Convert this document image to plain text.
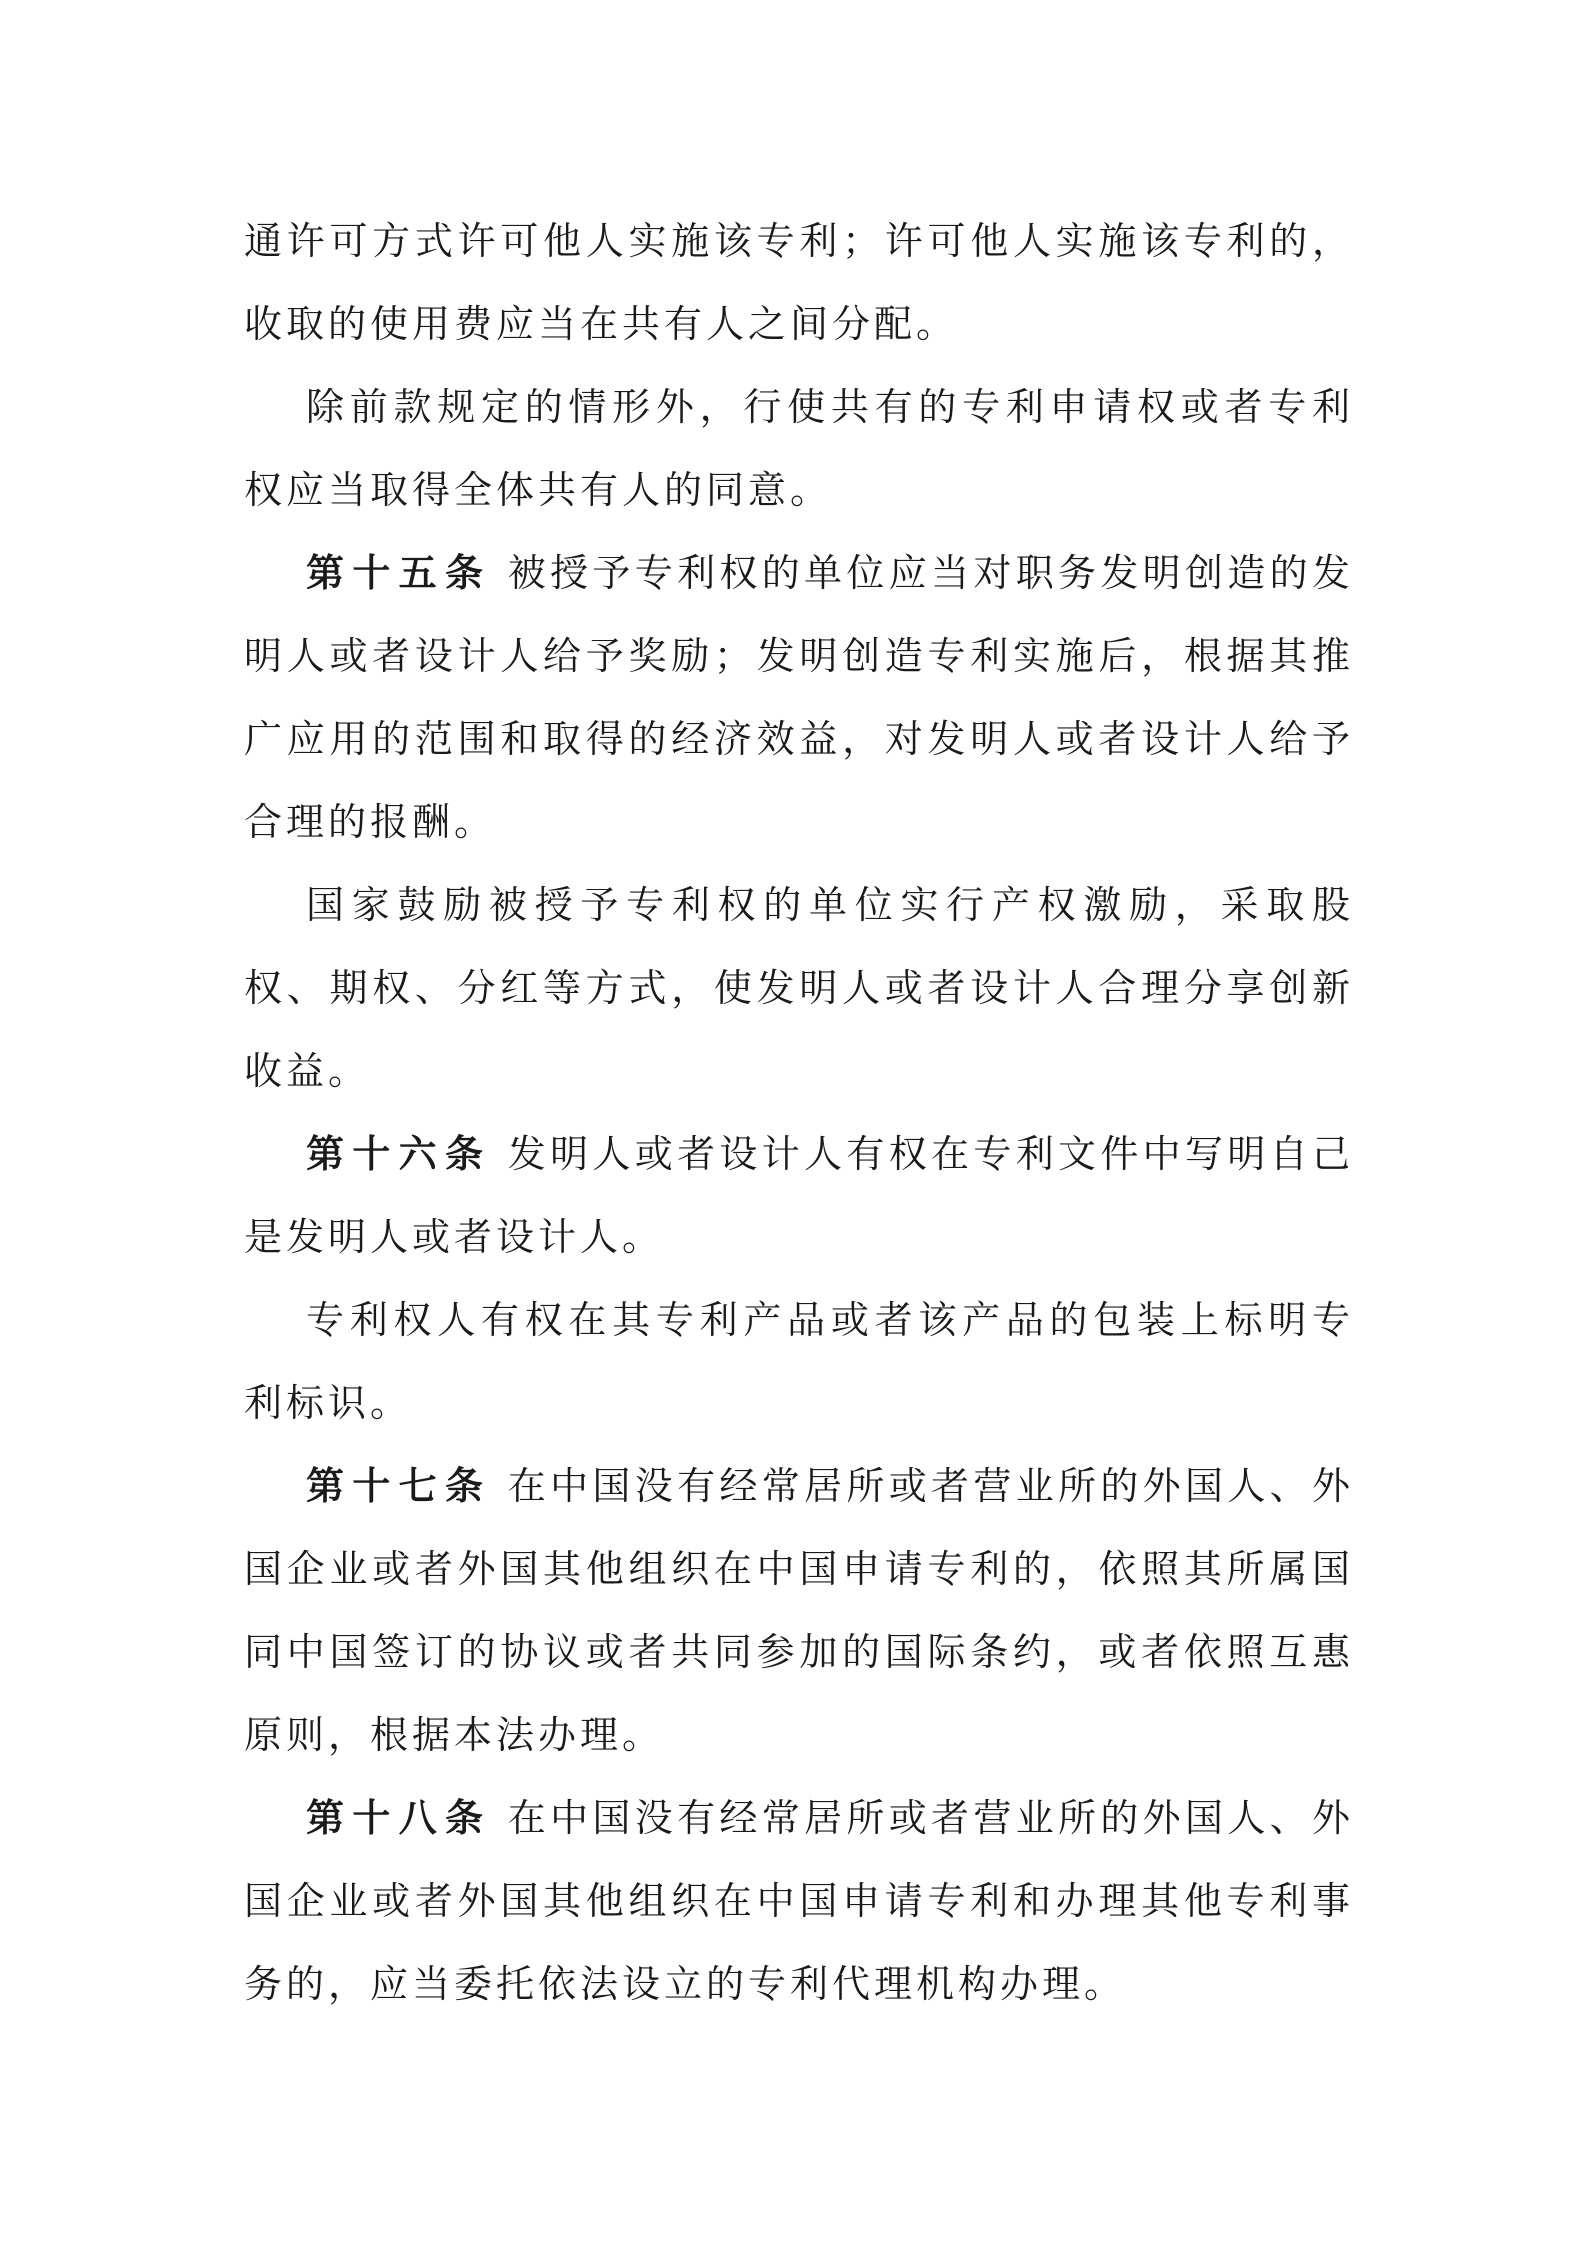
通许可方式许可他人实施该专利；许可他人实施该专利的，收取的使用费应当在共有人之间分配。

除前款规定的情形外，行使共有的专利申请权或者专利权应当取得全体共有人的同意。

第十五条 被授予专利权的单位应当对职务发明创造的发明人或者设计人给予奖励；发明创造专利实施后，根据其推广应用的范围和取得的经济效益，对发明人或者设计人给予合理的报酬。

国家鼓励被授予专利权的单位实行产权激励，采取股权、期权、分红等方式，使发明人或者设计人合理分享创新收益。

第十六条 发明人或者设计人有权在专利文件中写明自己是发明人或者设计人。

专利权人有权在其专利产品或者该产品的包装上标明专利标识。

第十七条 在中国没有经常居所或者营业所的外国人、外国企业或者外国其他组织在中国申请专利的，依照其所属国同中国签订的协议或者共同参加的国际条约，或者依照互惠原则，根据本法办理。

第十八条 在中国没有经常居所或者营业所的外国人、外国企业或者外国其他组织在中国申请专利和办理其他专利事务的，应当委托依法设立的专利代理机构办理。
